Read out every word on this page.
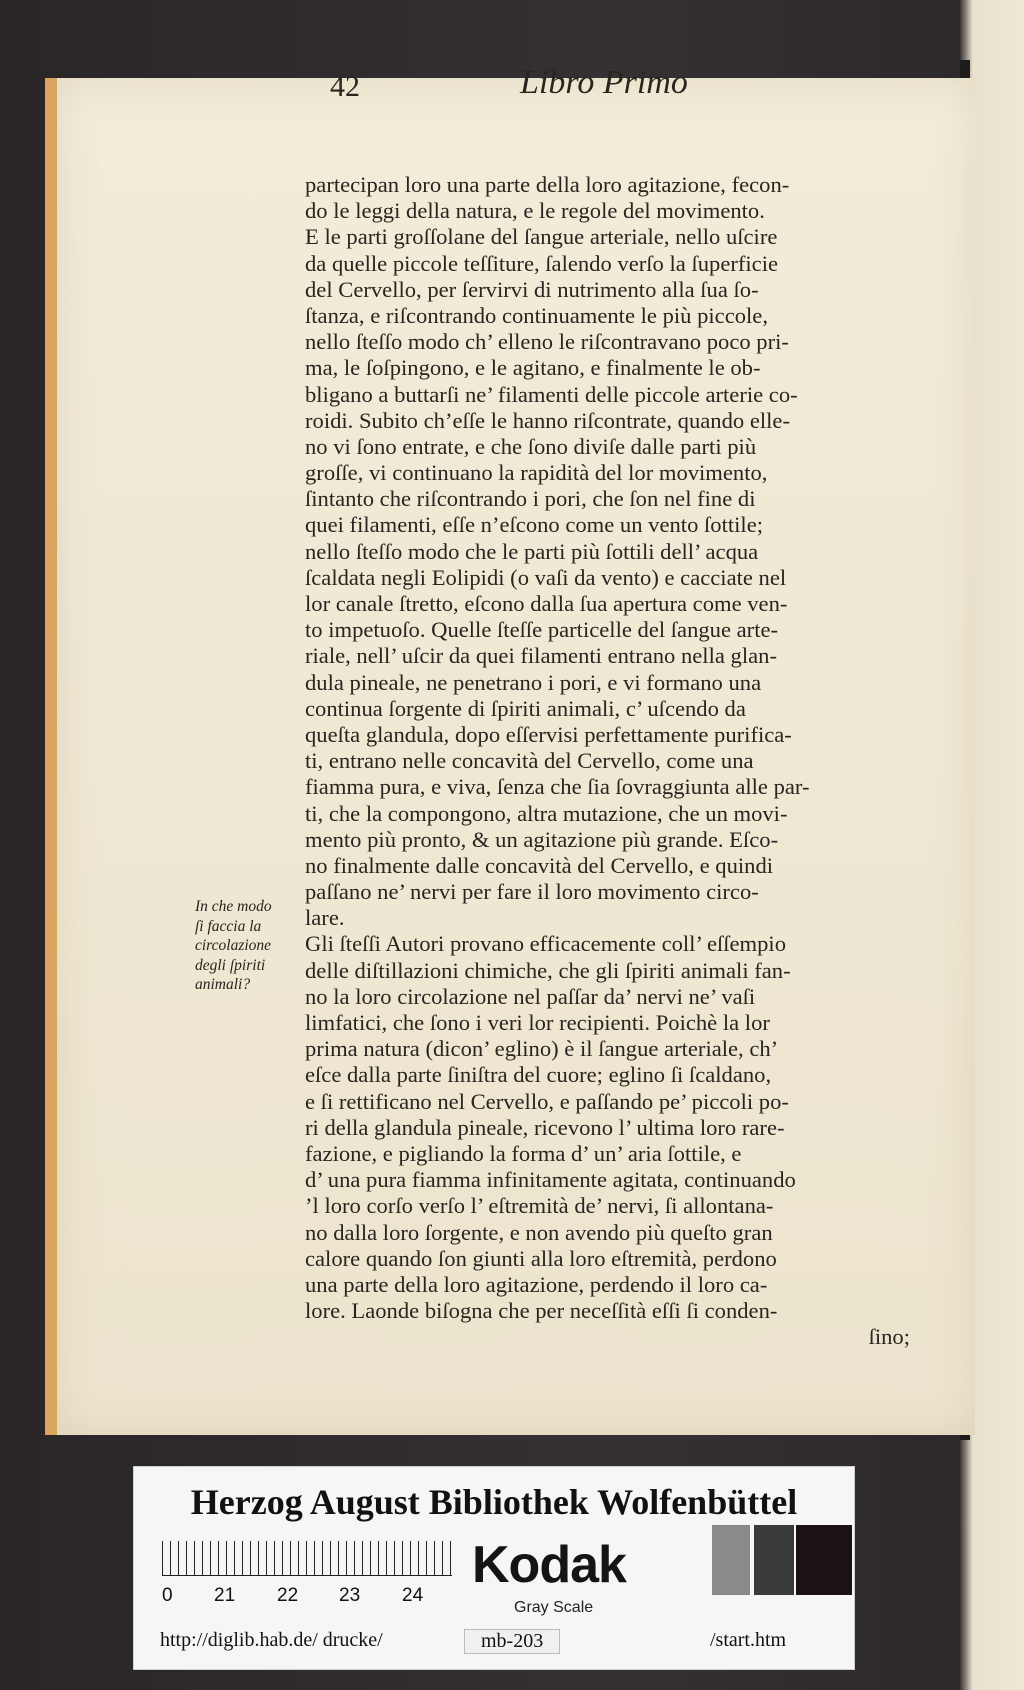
42	Libro Primo
partecipan loro una parte della loro agitazione, fecon-
do le leggi della natura, e le regole del movimento.
E le parti groſſolane del ſangue arteriale, nello uſcire
da quelle piccole teſſiture, ſalendo verſo la ſuperficie
del Cervello, per ſervirvi di nutrimento alla ſua ſo-
ſtanza, e riſcontrando continuamente le più piccole,
nello ſteſſo modo ch’ elleno le riſcontravano poco pri-
ma, le ſoſpingono, e le agitano, e finalmente le ob-
bligano a buttarſi ne’ filamenti delle piccole arterie co-
roidi. Subito ch’eſſe le hanno riſcontrate, quando elle-
no vi ſono entrate, e che ſono diviſe dalle parti più
groſſe, vi continuano la rapidità del lor movimento,
ſintanto che riſcontrando i pori, che ſon nel fine di
quei filamenti, eſſe n’eſcono come un vento ſottile;
nello ſteſſo modo che le parti più ſottili dell’ acqua
ſcaldata negli Eolipidi (o vaſi da vento) e cacciate nel
lor canale ſtretto, eſcono dalla ſua apertura come ven-
to impetuoſo. Quelle ſteſſe particelle del ſangue arte-
riale, nell’ uſcir da quei filamenti entrano nella glan-
dula pineale, ne penetrano i pori, e vi formano una
continua ſorgente di ſpiriti animali, c’ uſcendo da
queſta glandula, dopo eſſervisi perfettamente purifica-
ti, entrano nelle concavità del Cervello, come una
fiamma pura, e viva, ſenza che ſia ſovraggiunta alle par-
ti, che la compongono, altra mutazione, che un movi-
mento più pronto, & un agitazione più grande. Eſco-
no finalmente dalle concavità del Cervello, e quindi
paſſano ne’ nervi per fare il loro movimento circo-
lare.
Gli ſteſſi Autori provano efficacemente coll’ eſſempio
delle diſtillazioni chimiche, che gli ſpiriti animali fan-
no la loro circolazione nel paſſar da’ nervi ne’ vaſi
limfatici, che ſono i veri lor recipienti. Poichè la lor
prima natura (dicon’ eglino) è il ſangue arteriale, ch’
eſce dalla parte ſiniſtra del cuore; eglino ſi ſcaldano,
e ſi rettificano nel Cervello, e paſſando pe’ piccoli po-
ri della glandula pineale, ricevono l’ ultima loro rare-
fazione, e pigliando la forma d’ un’ aria ſottile, e
d’ una pura fiamma infinitamente agitata, continuando
’l loro corſo verſo l’ eſtremità de’ nervi, ſi allontana-
no dalla loro ſorgente, e non avendo più queſto gran
calore quando ſon giunti alla loro eſtremità, perdono
una parte della loro agitazione, perdendo il loro ca-
lore. Laonde biſogna che per neceſſità eſſi ſi conden-
ſino;
In che modo
ſi faccia la
circolazione
degli ſpiriti
animali?
Herzog August Bibliothek Wolfenbüttel
0 21 22 23 24
Kodak
Gray Scale
http://diglib.hab.de/ drucke/	mb-203	/start.htm
